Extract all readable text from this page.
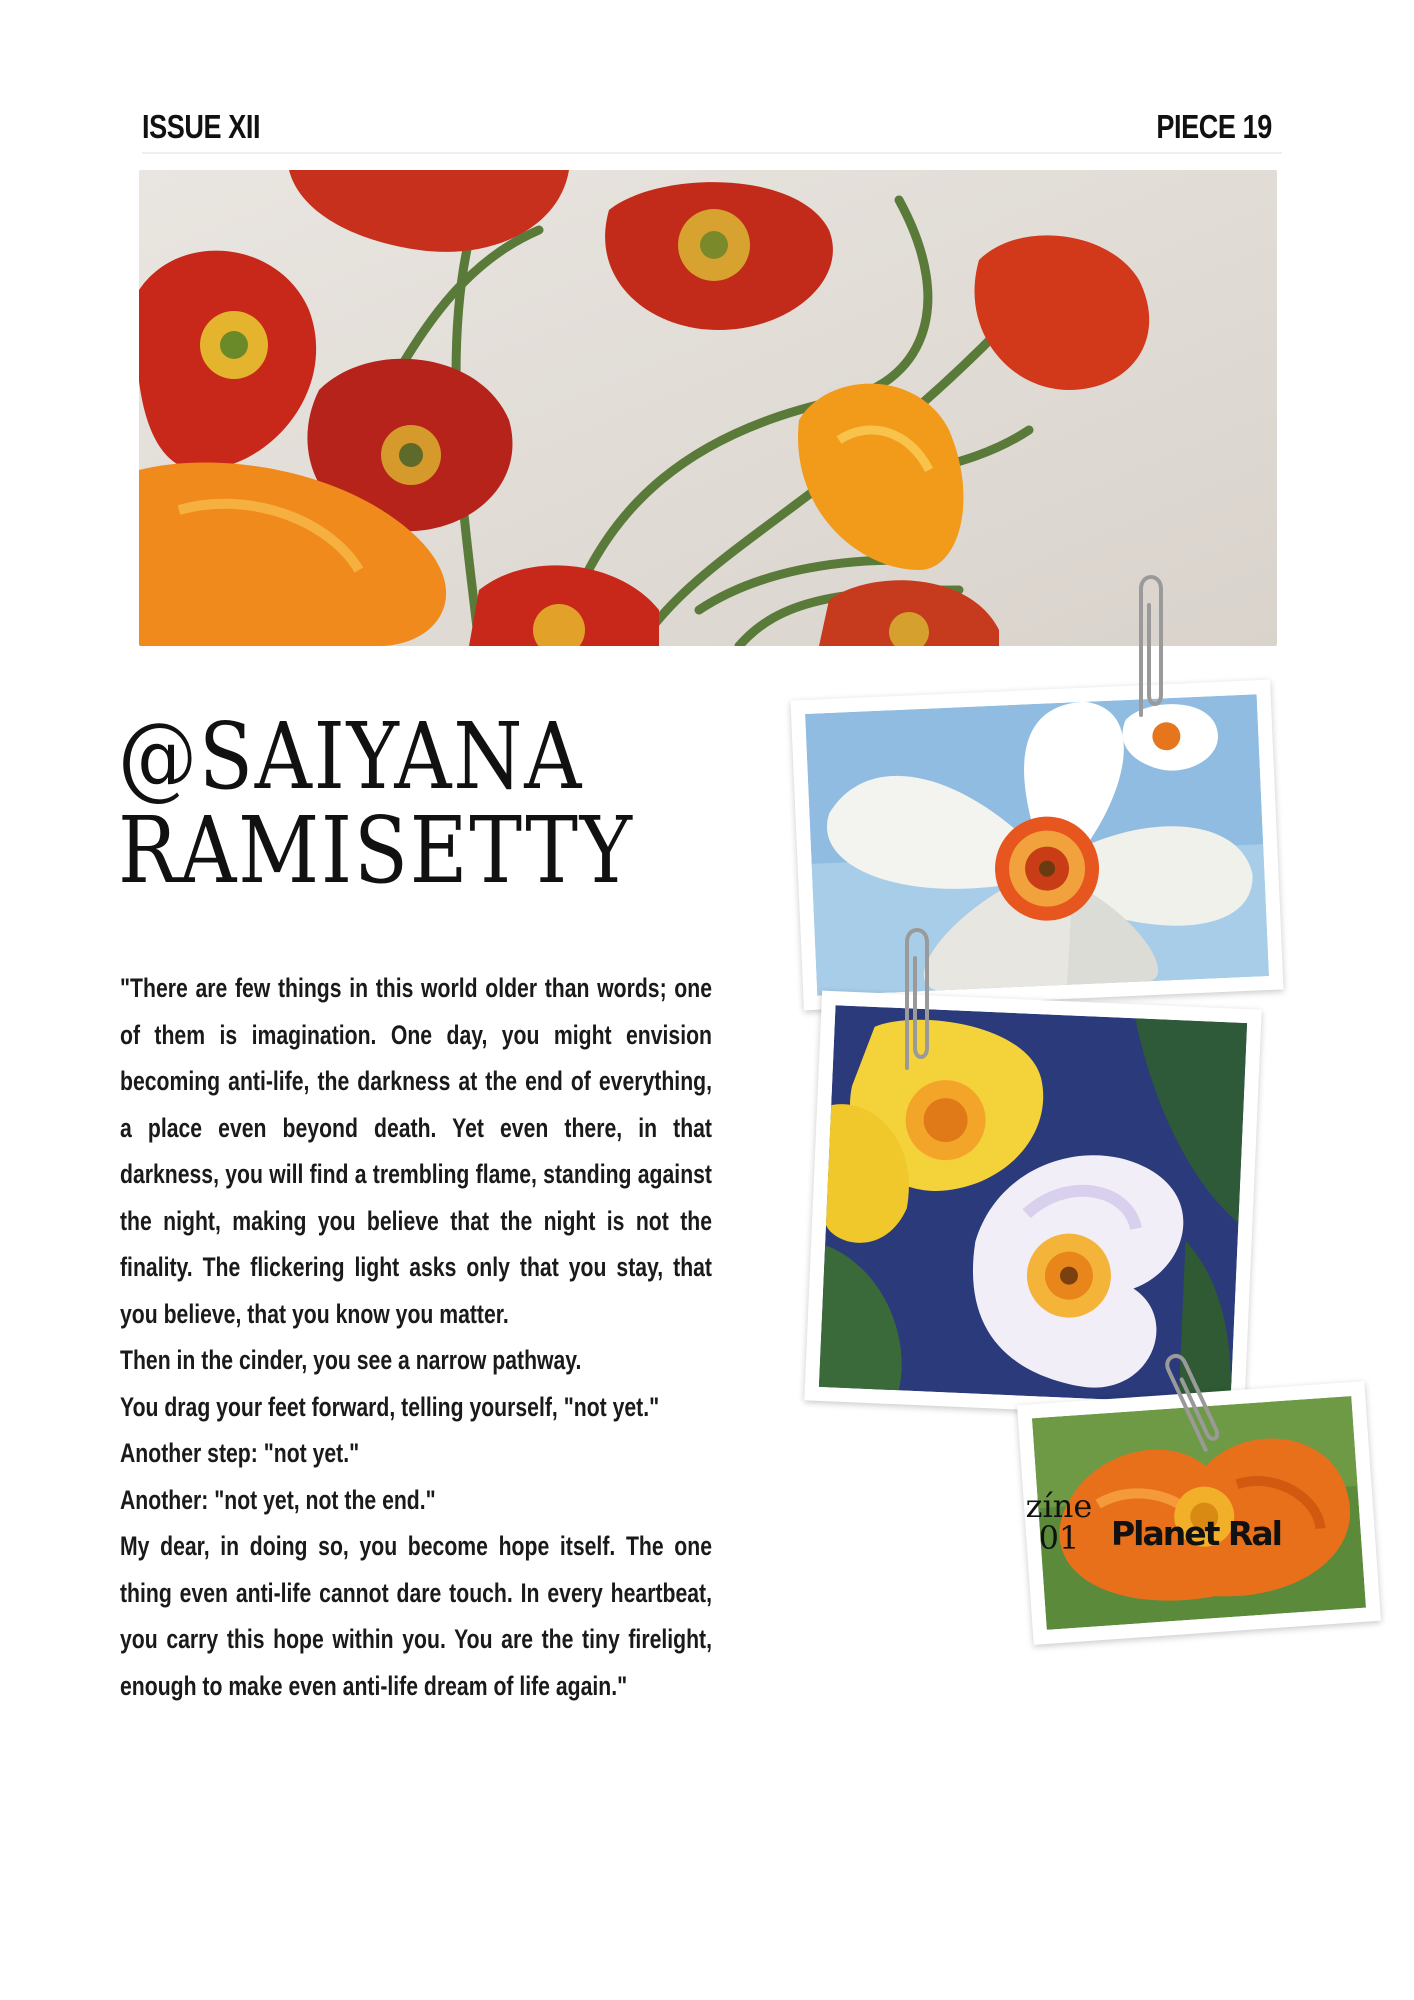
ISSUE XII	PIECE 19
@SAIYANA
RAMISETTY

"There are few things in this world older than words; one of them is imagination. One day, you might envision becoming anti-life, the darkness at the end of everything, a place even beyond death. Yet even there, in that darkness, you will find a trembling flame, standing against the night, making you believe that the night is not the finality. The flickering light asks only that you stay, that you believe, that you know you matter.

Then in the cinder, you see a narrow pathway.

You drag your feet forward, telling yourself, "not yet."

Another step: "not yet."

Another: "not yet, not the end."

My dear, in doing so, you become hope itself. The one thing even anti-life cannot dare touch. In every heartbeat, you carry this hope within you. You are the tiny firelight, enough to make even anti-life dream of life again."

zíne
01 Planet Ral
